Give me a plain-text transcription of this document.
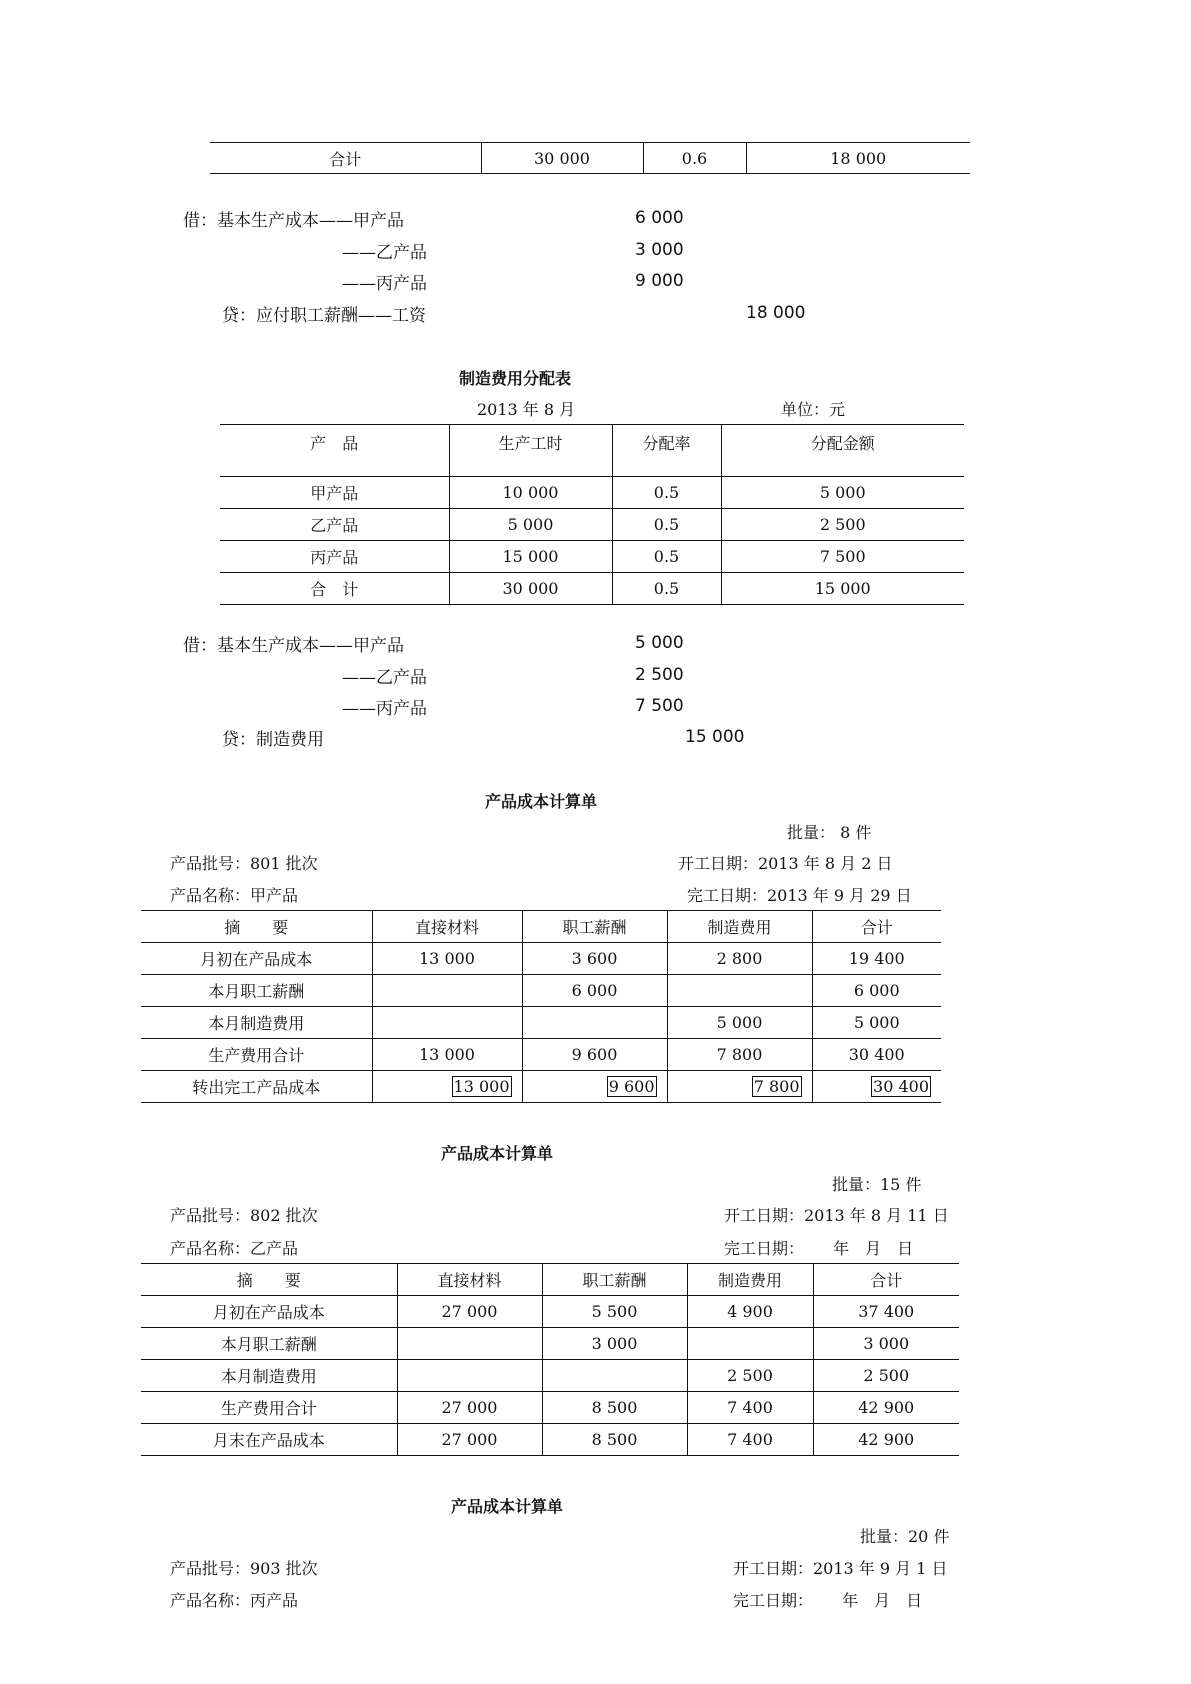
合计	30 000	0.6	18 000
借：基本生产成本——甲产品	6 000
——乙产品	3 000
——丙产品	9 000
贷：应付职工薪酬——工资	18 000
制造费用分配表
2013 年 8 月	单位：元
产　品	生产工时	分配率	分配金额
甲产品	10 000	0.5	5 000
乙产品	5 000	0.5	2 500
丙产品	15 000	0.5	7 500
合　计	30 000	0.5	15 000
借：基本生产成本——甲产品	5 000
——乙产品	2 500
——丙产品	7 500
贷：制造费用	15 000
产品成本计算单
批量： 8 件
产品批号：801 批次	开工日期：2013 年 8 月 2 日
产品名称：甲产品	完工日期：2013 年 9 月 29 日
摘　　要	直接材料	职工薪酬	制造费用	合计
月初在产品成本	13 000	3 600	2 800	19 400
本月职工薪酬		6 000		6 000
本月制造费用			5 000	5 000
生产费用合计	13 000	9 600	7 800	30 400
转出完工产品成本	13 000	9 600	7 800	30 400
产品成本计算单
批量：15 件
产品批号：802 批次	开工日期：2013 年 8 月 11 日
产品名称：乙产品	完工日期：　　 年　月　日
摘　　要	直接材料	职工薪酬	制造费用	合计
月初在产品成本	27 000	5 500	4 900	37 400
本月职工薪酬		3 000		3 000
本月制造费用			2 500	2 500
生产费用合计	27 000	8 500	7 400	42 900
月末在产品成本	27 000	8 500	7 400	42 900
产品成本计算单
批量：20 件
产品批号：903 批次	开工日期：2013 年 9 月 1 日
产品名称：丙产品	完工日期：　　 年　月　日
